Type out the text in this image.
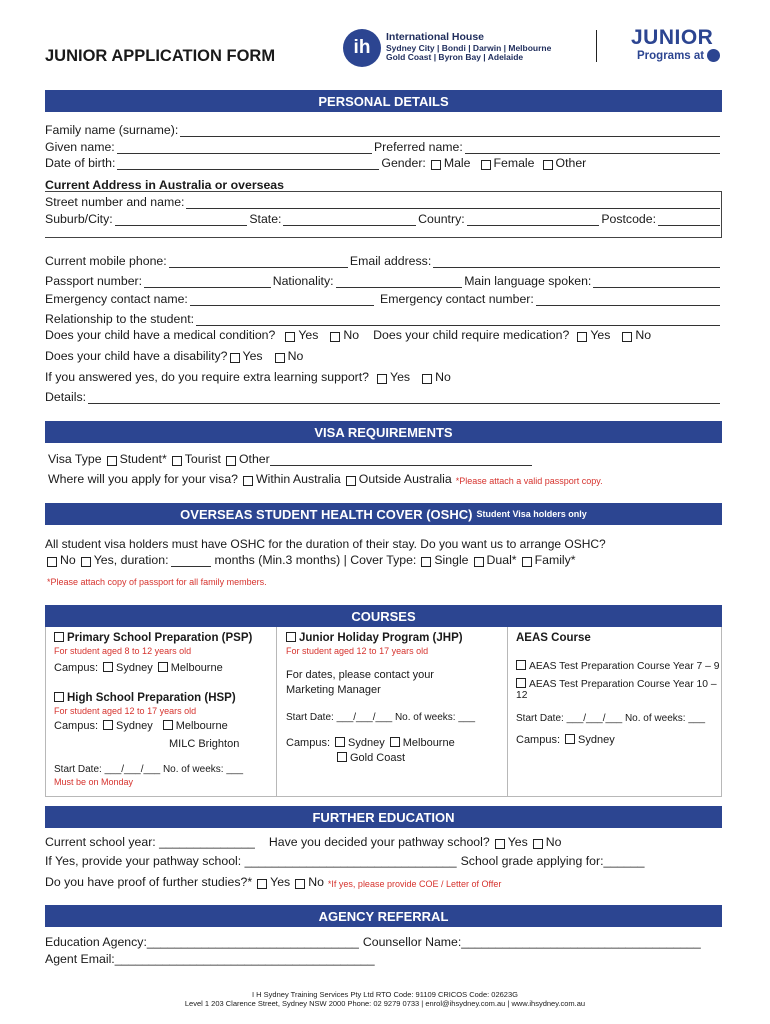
JUNIOR APPLICATION FORM	ih International House
Sydney City | Bondi | Darwin | Melbourne
Gold Coast | Byron Bay | Adelaide
JUNIOR
Programs at
PERSONAL DETAILS
Family name (surname):
Given name:	Preferred name:
Date of birth:	Gender: Male Female Other
Current Address in Australia or overseas
Street number and name:
Suburb/City:	State:	Country:	Postcode:
Current mobile phone:	Email address:
Passport number:	Nationality:	Main language spoken:
Emergency contact name:	Emergency contact number:
Relationship to the student:
Does your child have a medical condition? Yes No Does your child require medication? Yes No
Does your child have a disability? Yes No
If you answered yes, do you require extra learning support? Yes No
Details:
VISA REQUIREMENTS
Visa Type Student* Tourist Other
Where will you apply for your visa? Within Australia Outside Australia *Please attach a valid passport copy.
OVERSEAS STUDENT HEALTH COVER (OSHC) Student Visa holders only
All student visa holders must have OSHC for the duration of their stay. Do you want us to arrange OSHC?
No Yes, duration:	months (Min.3 months) | Cover Type: Single Dual* Family*
*Please attach copy of passport for all family members.
COURSES
Primary School Preparation (PSP)
For student aged 8 to 12 years old
Campus: Sydney Melbourne
High School Preparation (HSP)
For student aged 12 to 17 years old
Campus: Sydney Melbourne
MILC Brighton
Start Date: ___/___/___ No. of weeks: ___
Must be on Monday
Junior Holiday Program (JHP)
For student aged 12 to 17 years old
For dates, please contact your Marketing Manager
Start Date: ___/___/___ No. of weeks: ___
Campus: Sydney Melbourne
Gold Coast
AEAS Course
AEAS Test Preparation Course Year 7 – 9
AEAS Test Preparation Course Year 10 – 12
Start Date: ___/___/___ No. of weeks: ___
Campus: Sydney
FURTHER EDUCATION
Current school year: ______________ Have you decided your pathway school? Yes No
If Yes, provide your pathway school: _______________________________ School grade applying for:______
Do you have proof of further studies?* Yes No *If yes, please provide COE / Letter of Offer
AGENCY REFERRAL
Education Agency:_______________________________ Counsellor Name:___________________________________
Agent Email:______________________________________
I H Sydney Training Services Pty Ltd RTO Code: 91109 CRICOS Code: 02623G
Level 1 203 Clarence Street, Sydney NSW 2000 Phone: 02 9279 0733 | enrol@ihsydney.com.au | www.ihsydney.com.au
